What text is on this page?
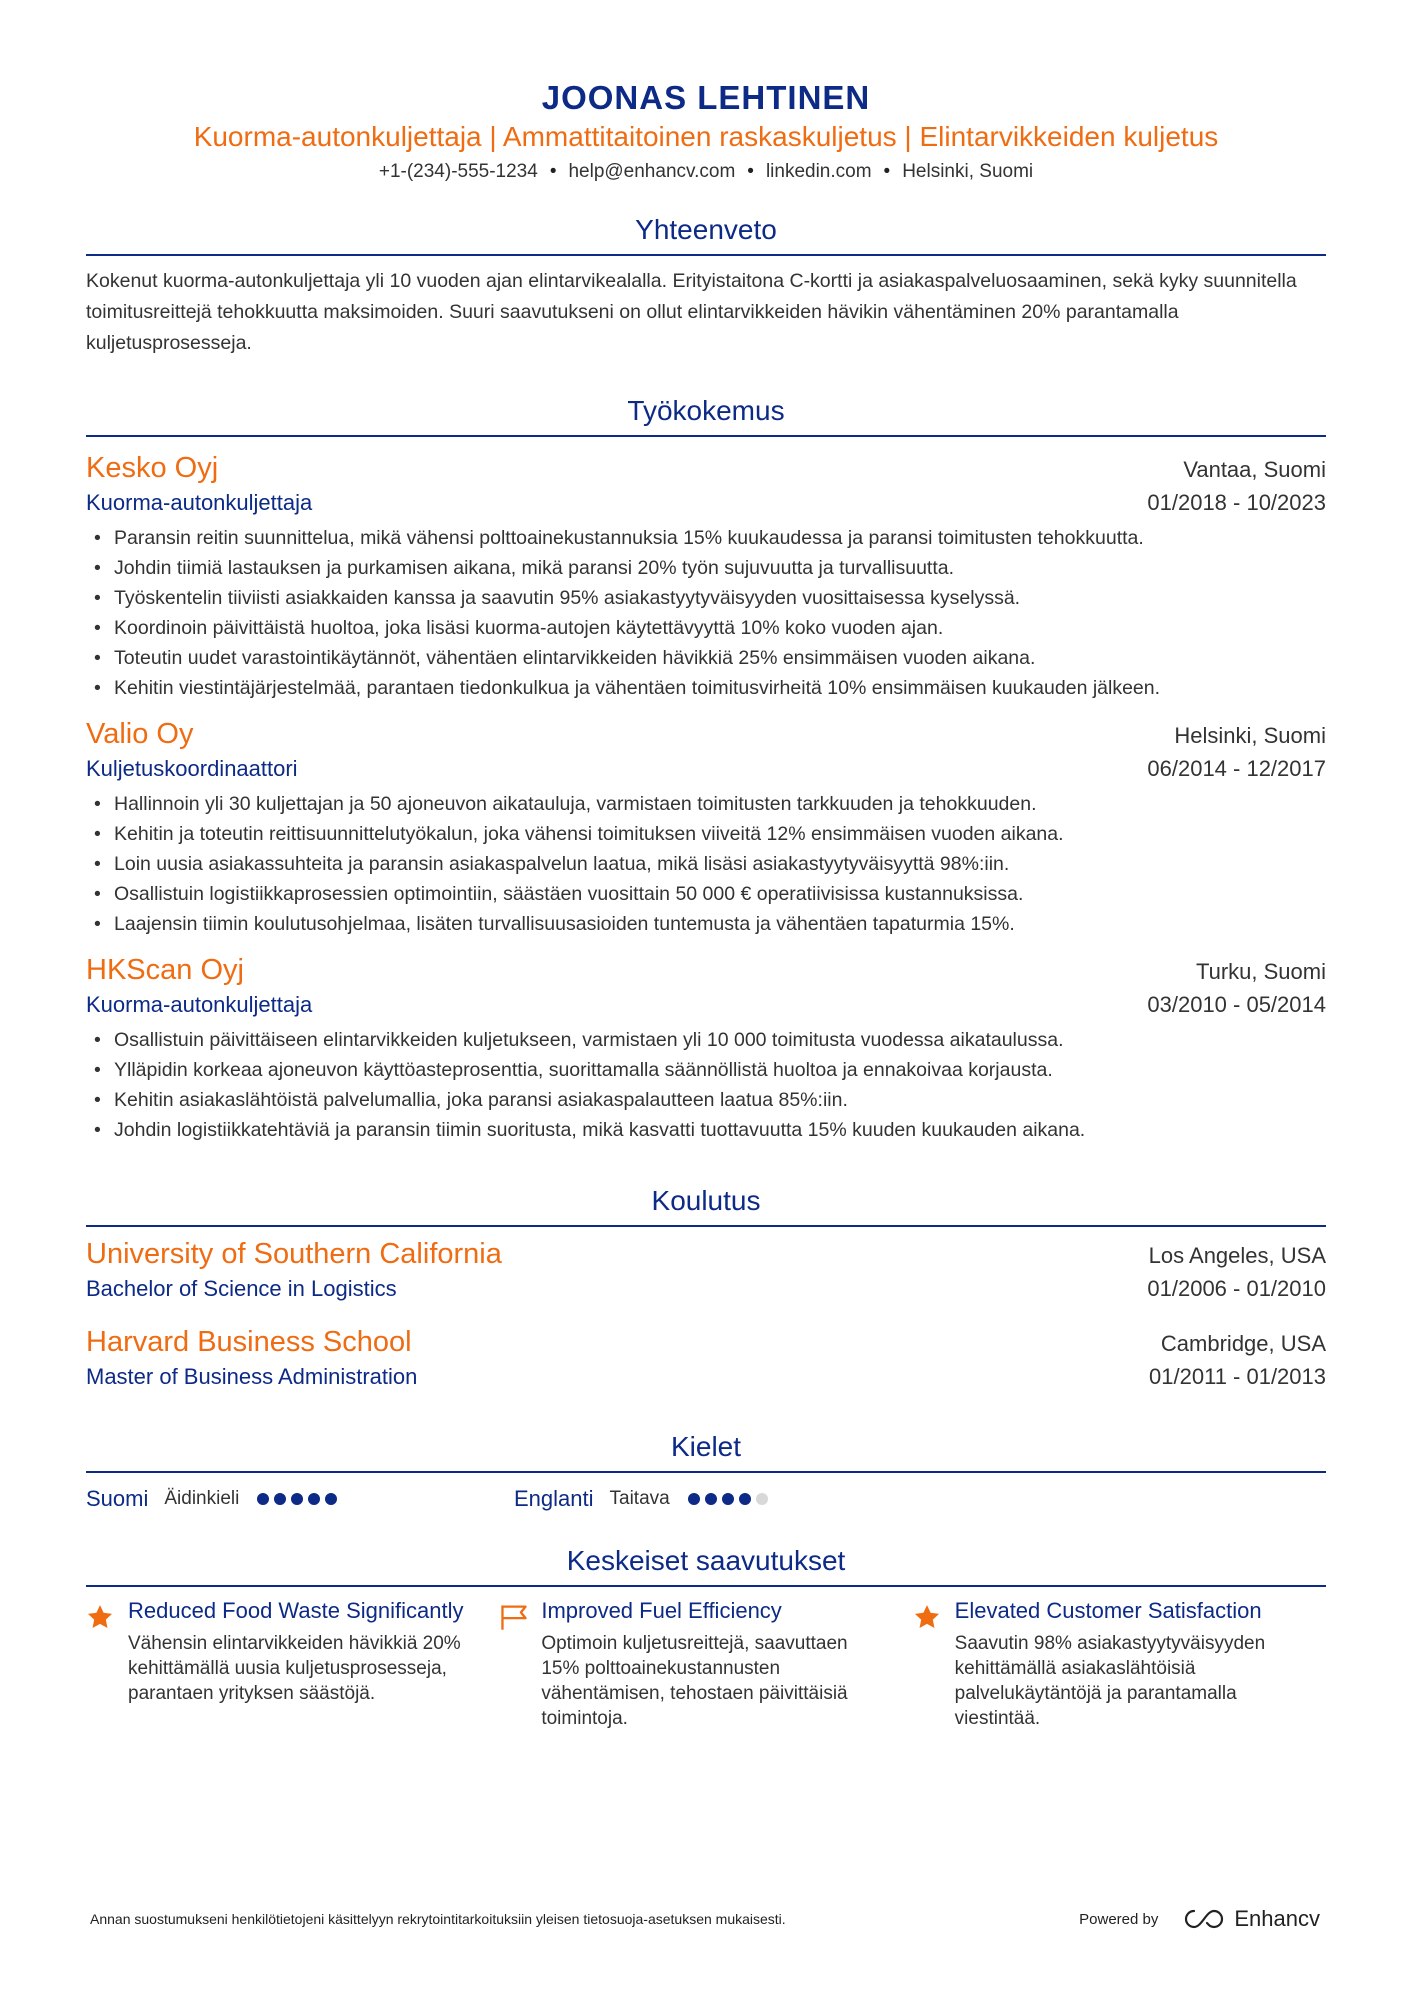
JOONAS LEHTINEN
Kuorma-autonkuljettaja | Ammattitaitoinen raskaskuljetus | Elintarvikkeiden kuljetus
+1-(234)-555-1234 • help@enhancv.com • linkedin.com • Helsinki, Suomi
Yhteenveto
Kokenut kuorma-autonkuljettaja yli 10 vuoden ajan elintarvikealalla. Erityistaitona C-kortti ja asiakaspalveluosaaminen, sekä kyky suunnitella toimitusreittejä tehokkuutta maksimoiden. Suuri saavutukseni on ollut elintarvikkeiden hävikin vähentäminen 20% parantamalla kuljetusprosesseja.
Työkokemus
Kesko Oyj	Vantaa, Suomi
Kuorma-autonkuljettaja	01/2018 - 10/2023
• Paransin reitin suunnittelua, mikä vähensi polttoainekustannuksia 15% kuukaudessa ja paransi toimitusten tehokkuutta.
• Johdin tiimiä lastauksen ja purkamisen aikana, mikä paransi 20% työn sujuvuutta ja turvallisuutta.
• Työskentelin tiiviisti asiakkaiden kanssa ja saavutin 95% asiakastyytyväisyyden vuosittaisessa kyselyssä.
• Koordinoin päivittäistä huoltoa, joka lisäsi kuorma-autojen käytettävyyttä 10% koko vuoden ajan.
• Toteutin uudet varastointikäytännöt, vähentäen elintarvikkeiden hävikkiä 25% ensimmäisen vuoden aikana.
• Kehitin viestintäjärjestelmää, parantaen tiedonkulkua ja vähentäen toimitusvirheitä 10% ensimmäisen kuukauden jälkeen.
Valio Oy	Helsinki, Suomi
Kuljetuskoordinaattori	06/2014 - 12/2017
• Hallinnoin yli 30 kuljettajan ja 50 ajoneuvon aikatauluja, varmistaen toimitusten tarkkuuden ja tehokkuuden.
• Kehitin ja toteutin reittisuunnittelutyökalun, joka vähensi toimituksen viiveitä 12% ensimmäisen vuoden aikana.
• Loin uusia asiakassuhteita ja paransin asiakaspalvelun laatua, mikä lisäsi asiakastyytyväisyyttä 98%:iin.
• Osallistuin logistiikkaprosessien optimointiin, säästäen vuosittain 50 000 € operatiivisissa kustannuksissa.
• Laajensin tiimin koulutusohjelmaa, lisäten turvallisuusasioiden tuntemusta ja vähentäen tapaturmia 15%.
HKScan Oyj	Turku, Suomi
Kuorma-autonkuljettaja	03/2010 - 05/2014
• Osallistuin päivittäiseen elintarvikkeiden kuljetukseen, varmistaen yli 10 000 toimitusta vuodessa aikataulussa.
• Ylläpidin korkeaa ajoneuvon käyttöasteprosenttia, suorittamalla säännöllistä huoltoa ja ennakoivaa korjausta.
• Kehitin asiakaslähtöistä palvelumallia, joka paransi asiakaspalautteen laatua 85%:iin.
• Johdin logistiikkatehtäviä ja paransin tiimin suoritusta, mikä kasvatti tuottavuutta 15% kuuden kuukauden aikana.
Koulutus
University of Southern California	Los Angeles, USA
Bachelor of Science in Logistics	01/2006 - 01/2010
Harvard Business School	Cambridge, USA
Master of Business Administration	01/2011 - 01/2013
Kielet
Suomi Äidinkieli	Englanti Taitava
Keskeiset saavutukset
Reduced Food Waste Significantly
Vähensin elintarvikkeiden hävikkiä 20% kehittämällä uusia kuljetusprosesseja, parantaen yrityksen säästöjä.
Improved Fuel Efficiency
Optimoin kuljetusreittejä, saavuttaen 15% polttoainekustannusten vähentämisen, tehostaen päivittäisiä toimintoja.
Elevated Customer Satisfaction
Saavutin 98% asiakastyytyväisyyden kehittämällä asiakaslähtöisiä palvelukäytäntöjä ja parantamalla viestintää.
Annan suostumukseni henkilötietojeni käsittelyyn rekrytointitarkoituksiin yleisen tietosuoja-asetuksen mukaisesti.	Powered by	Enhancv
